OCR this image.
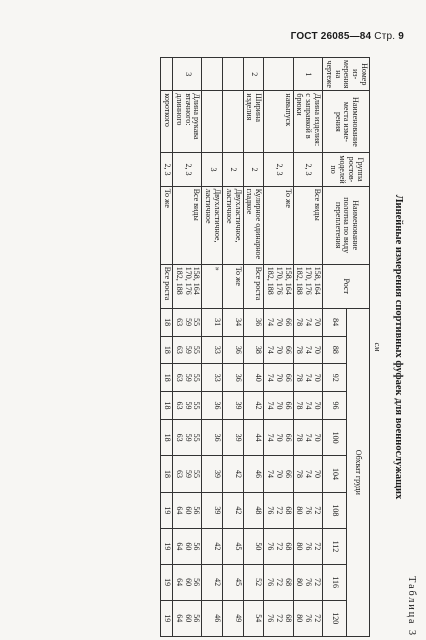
ГОСТ 26085—84 Стр. 9
Таблица 3
Линейные измерения спортивных фуфаек для военнослужащих
см
Номер из-мерения на чертеже	Наименование места изме-рения	Группа ростов-моделей по	Наименование полотна по виду переплетения	Рост	Обхват груди									
					84	88	92	96	100	104	108	112	116	120
1	Длина изделия: с заправкой в брюки	2, 3	Все виды	158, 164
170, 176
182, 188	70
74
78	70
74
78	70
74
78	70
74
78	70
74
78	70
74
78	72
76
80	72
76
80	72
76
80	72
76
80

	навыпуск	2, 3	То же	158, 164
170, 176
182, 188	66
70
74	66
70
74	66
70
74	66
70
74	66
70
74	66
70
74	68
72
76	68
72
76	68
72
76	68
72
76

2	Ширина изделия	2	Кулирное одинарное гладкое	Все роста	36	38	40	42	44	46	48	50	52	54

		2	Двухластичное, ластичное	То же	34	36	36	39	39	42	42	45	45	49

		3	Двухластичное, ластичное	»	31	33	33	36	36	39	39	42	42	46

3	Длина рукава втачного: длинного	2, 3	Все виды	158, 164
170, 176
182, 188	55
59
63	55
59
63	55
59
63	55
59
63	55
59
63	55
59
63	56
60
64	56
60
64	56
60
64	56
60
64

	короткого	2, 3	То же	Все роста	18	18	18	18	18	18	19	19	19	19
